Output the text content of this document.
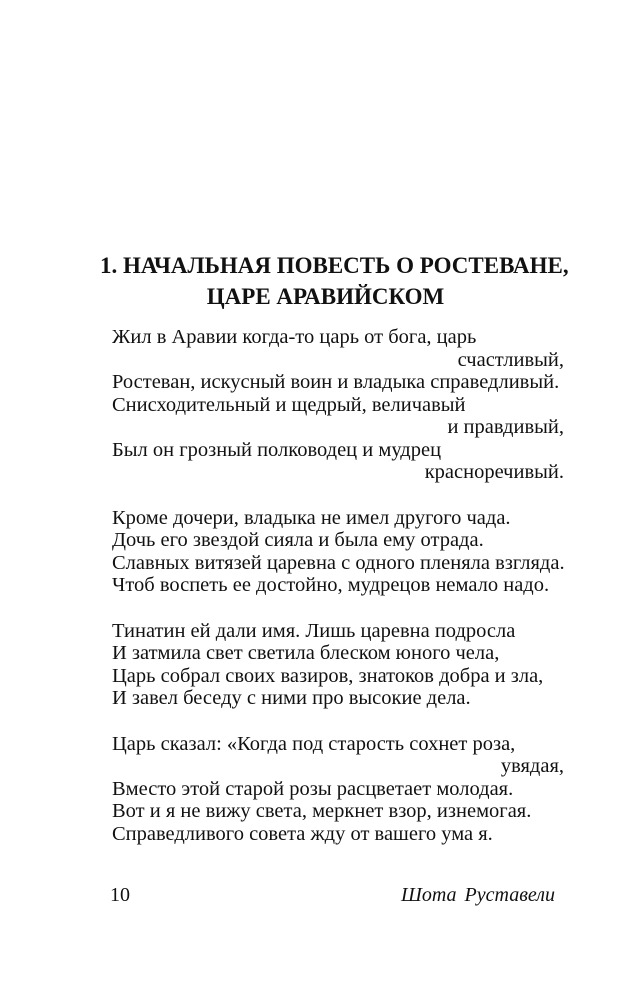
1. НАЧАЛЬНАЯ ПОВЕСТЬ О РОСТЕВАНЕ,
ЦАРЕ АРАВИЙСКОМ
Жил в Аравии когда-то царь от бога, царь
счастливый,
Ростеван, искусный воин и владыка справедливый.
Снисходительный и щедрый, величавый
и правдивый,
Был он грозный полководец и мудрец
красноречивый.
Кроме дочери, владыка не имел другого чада.
Дочь его звездой сияла и была ему отрада.
Славных витязей царевна с одного пленяла взгляда.
Чтоб воспеть ее достойно, мудрецов немало надо.
Тинатин ей дали имя. Лишь царевна подросла
И затмила свет светила блеском юного чела,
Царь собрал своих вазиров, знатоков добра и зла,
И завел беседу с ними про высокие дела.
Царь сказал: «Когда под старость сохнет роза,
увядая,
Вместо этой старой розы расцветает молодая.
Вот и я не вижу света, меркнет взор, изнемогая.
Справедливого совета жду от вашего ума я.
10	Шота Руставели
